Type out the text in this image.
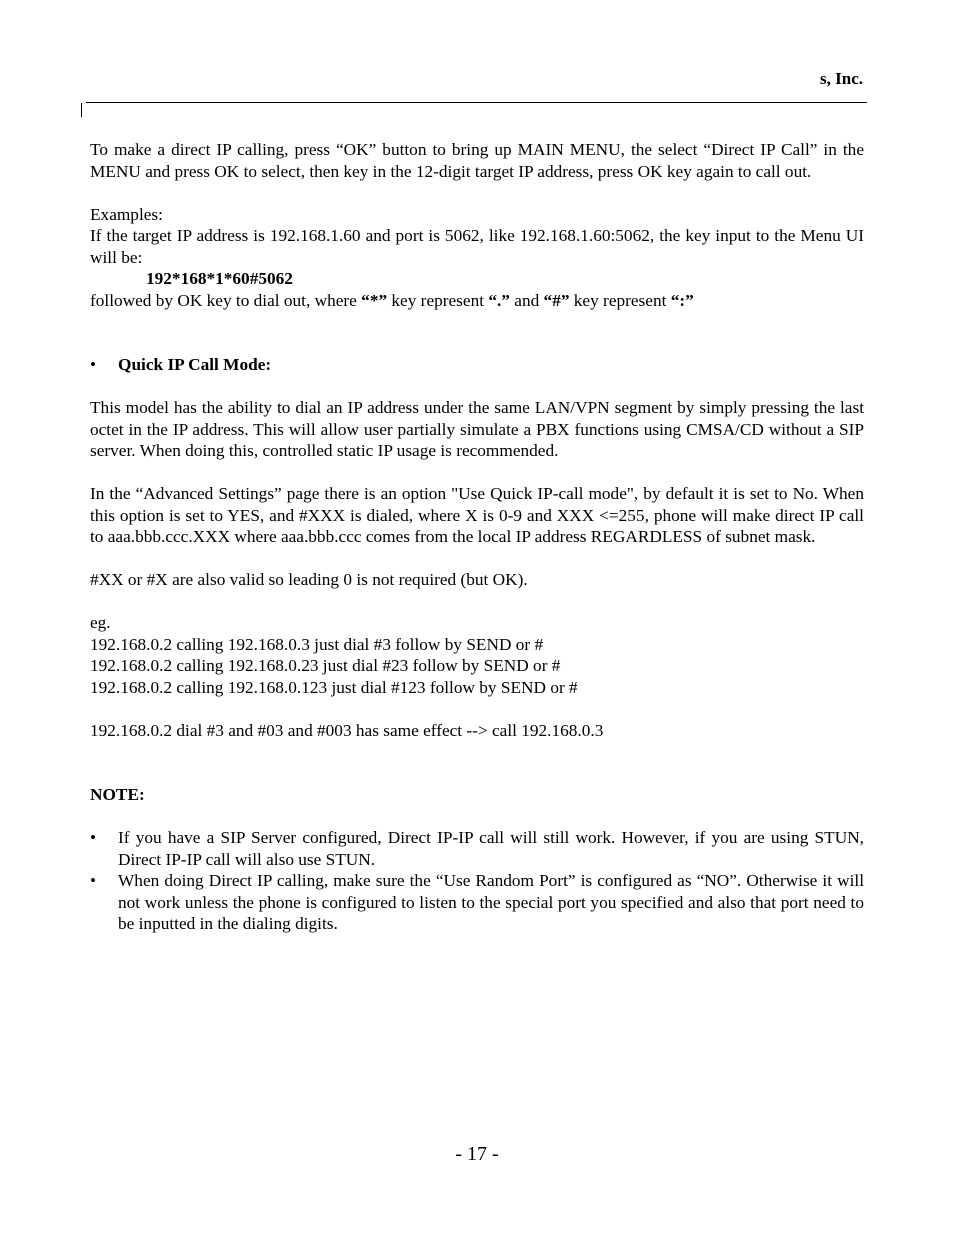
s, Inc.

To make a direct IP calling, press “OK” button to bring up MAIN MENU, the select “Direct IP Call” in the MENU and press OK to select, then key in the 12-digit target IP address, press OK key again to call out.

Examples:

If the target IP address is 192.168.1.60 and port is 5062, like 192.168.1.60:5062, the key input to the Menu UI will be:

192*168*1*60#5062

followed by OK key to dial out, where “*” key represent “.” and “#” key represent “:”

• Quick IP Call Mode:

This model has the ability to dial an IP address under the same LAN/VPN segment by simply pressing the last octet in the IP address. This will allow user partially simulate a PBX functions using CMSA/CD without a SIP server. When doing this, controlled static IP usage is recommended.

In the “Advanced Settings” page there is an option "Use Quick IP-call mode", by default it is set to No. When this option is set to YES, and #XXX is dialed, where X is 0-9 and XXX <=255, phone will make direct IP call to aaa.bbb.ccc.XXX where aaa.bbb.ccc comes from the local IP address REGARDLESS of subnet mask.

#XX or #X are also valid so leading 0 is not required (but OK).

eg.

192.168.0.2 calling 192.168.0.3 just dial #3 follow by SEND or #

192.168.0.2 calling 192.168.0.23 just dial #23 follow by SEND or #

192.168.0.2 calling 192.168.0.123 just dial #123 follow by SEND or #

192.168.0.2 dial #3 and #03 and #003 has same effect --> call 192.168.0.3

NOTE:

• If you have a SIP Server configured, Direct IP-IP call will still work. However, if you are using STUN, Direct IP-IP call will also use STUN.
• When doing Direct IP calling, make sure the “Use Random Port” is configured as “NO”. Otherwise it will not work unless the phone is configured to listen to the special port you specified and also that port need to be inputted in the dialing digits.
- 17 -
